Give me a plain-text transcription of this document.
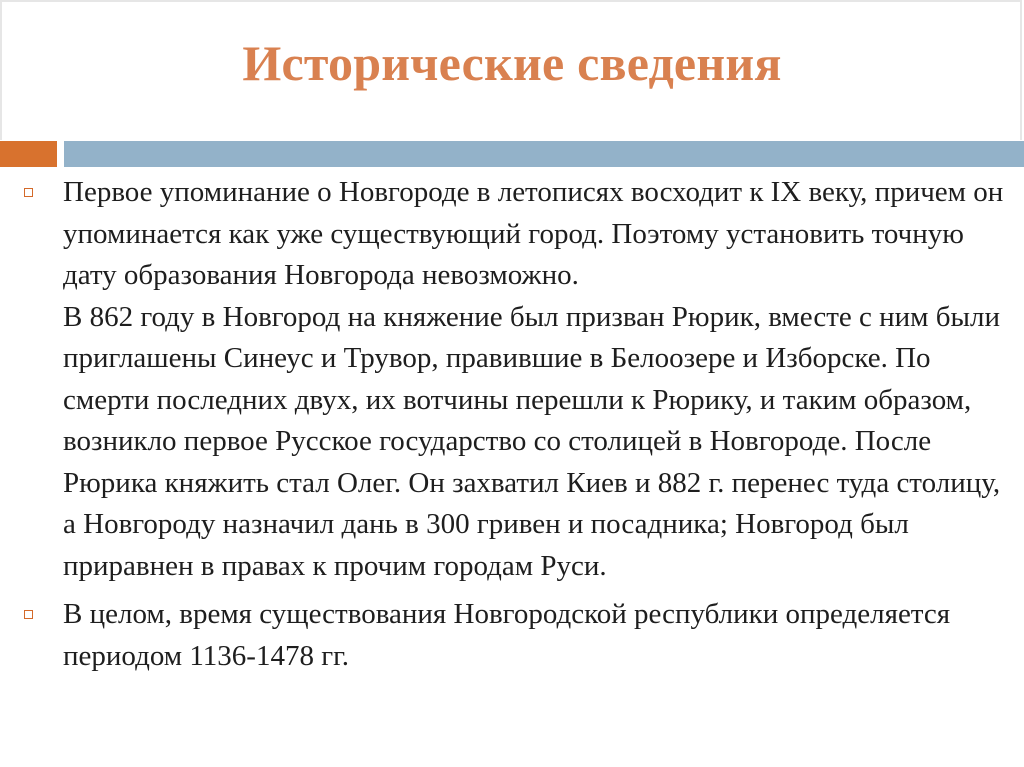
Исторические сведения
Первое упоминание о Новгороде в летописях восходит к IX веку, причем он упоминается как уже существующий город. Поэтому установить точную дату образования Новгорода невозможно.
В 862 году в Новгород на княжение был призван Рюрик, вместе с ним были приглашены Синеус и Трувор, правившие в Белоозере и Изборске. По смерти последних двух, их вотчины перешли к Рюрику, и таким образом, возникло первое Русское государство со столицей в Новгороде. После Рюрика княжить стал Олег. Он захватил Киев и 882 г. перенес туда столицу, а Новгороду назначил дань в 300 гривен и посадника; Новгород был приравнен в правах к прочим городам Руси.
В целом, время существования Новгородской республики определяется периодом 1136-1478 гг.
